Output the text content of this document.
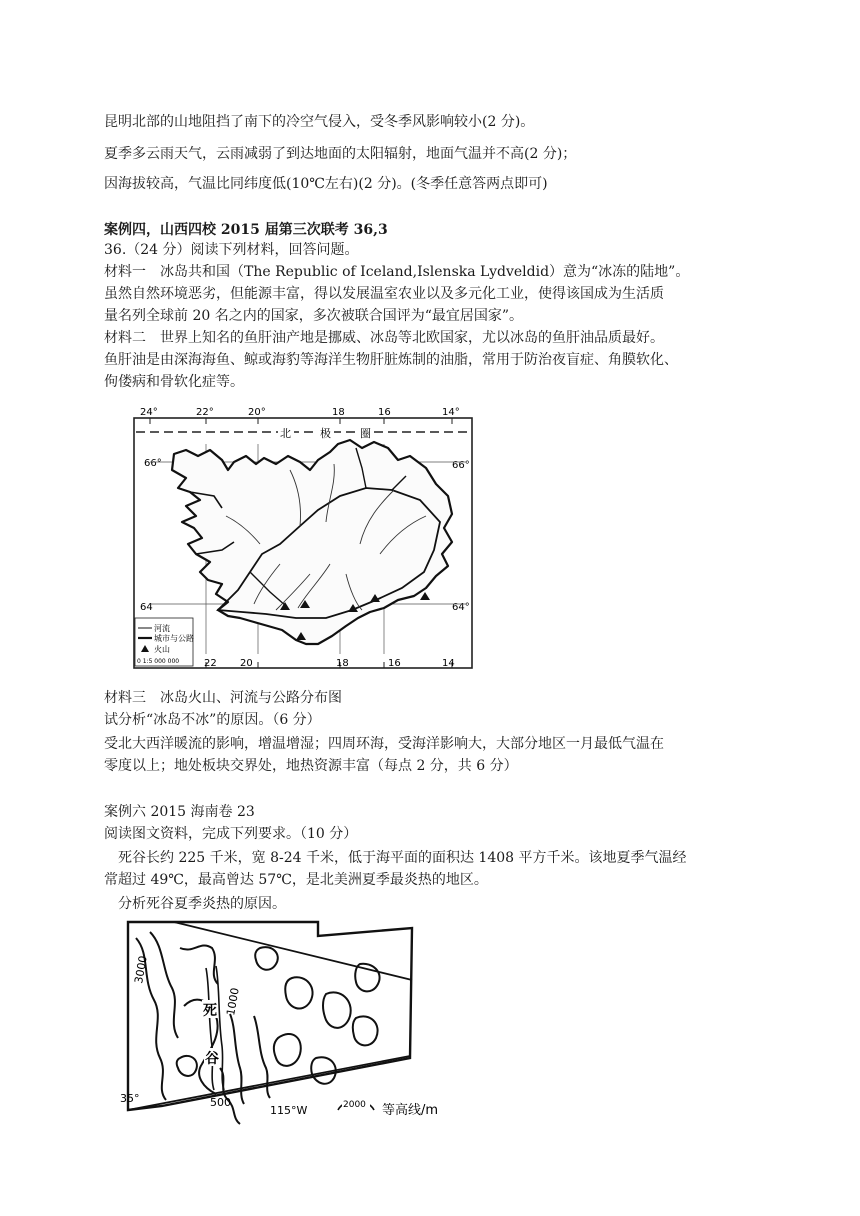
昆明北部的山地阻挡了南下的冷空气侵入，受冬季风影响较小(2 分)。
夏季多云雨天气，云雨减弱了到达地面的太阳辐射，地面气温并不高(2 分)；
因海拔较高，气温比同纬度低(10℃左右)(2 分)。(冬季任意答两点即可)
案例四，山西四校 2015 届第三次联考 36,3
36.（24 分）阅读下列材料，回答问题。
材料一　冰岛共和国（The Republic of Iceland,Islenska Lydveldid）意为“冰冻的陆地”。
虽然自然环境恶劣，但能源丰富，得以发展温室农业以及多元化工业，使得该国成为生活质
量名列全球前 20 名之内的国家，多次被联合国评为“最宜居国家”。
材料二　世界上知名的鱼肝油产地是挪威、冰岛等北欧国家，尤以冰岛的鱼肝油品质最好。
鱼肝油是由深海海鱼、鲸或海豹等海洋生物肝脏炼制的油脂，常用于防治夜盲症、角膜软化、
佝偻病和骨软化症等。
24°	22°	20°	18	16	14°
北	极	圈
66°	66°
64	64°
河流
城市与公路
火山
0 1:5 000 000 22 20	18	16	14
材料三　冰岛火山、河流与公路分布图
试分析“冰岛不冰”的原因。（6 分）
受北大西洋暖流的影响，增温增湿；四周环海，受海洋影响大，大部分地区一月最低气温在
零度以上；地处板块交界处，地热资源丰富（每点 2 分，共 6 分）
案例六 2015 海南卷 23
阅读图文资料，完成下列要求。（10 分）
死谷长约 225 千米，宽 8-24 千米，低于海平面的面积达 1408 平方千米。该地夏季气温经
常超过 49℃，最高曾达 57℃，是北美洲夏季最炎热的地区。
分析死谷夏季炎热的原因。
死
谷
3000
1000
500
35°
115°W	2000 等高线/m
